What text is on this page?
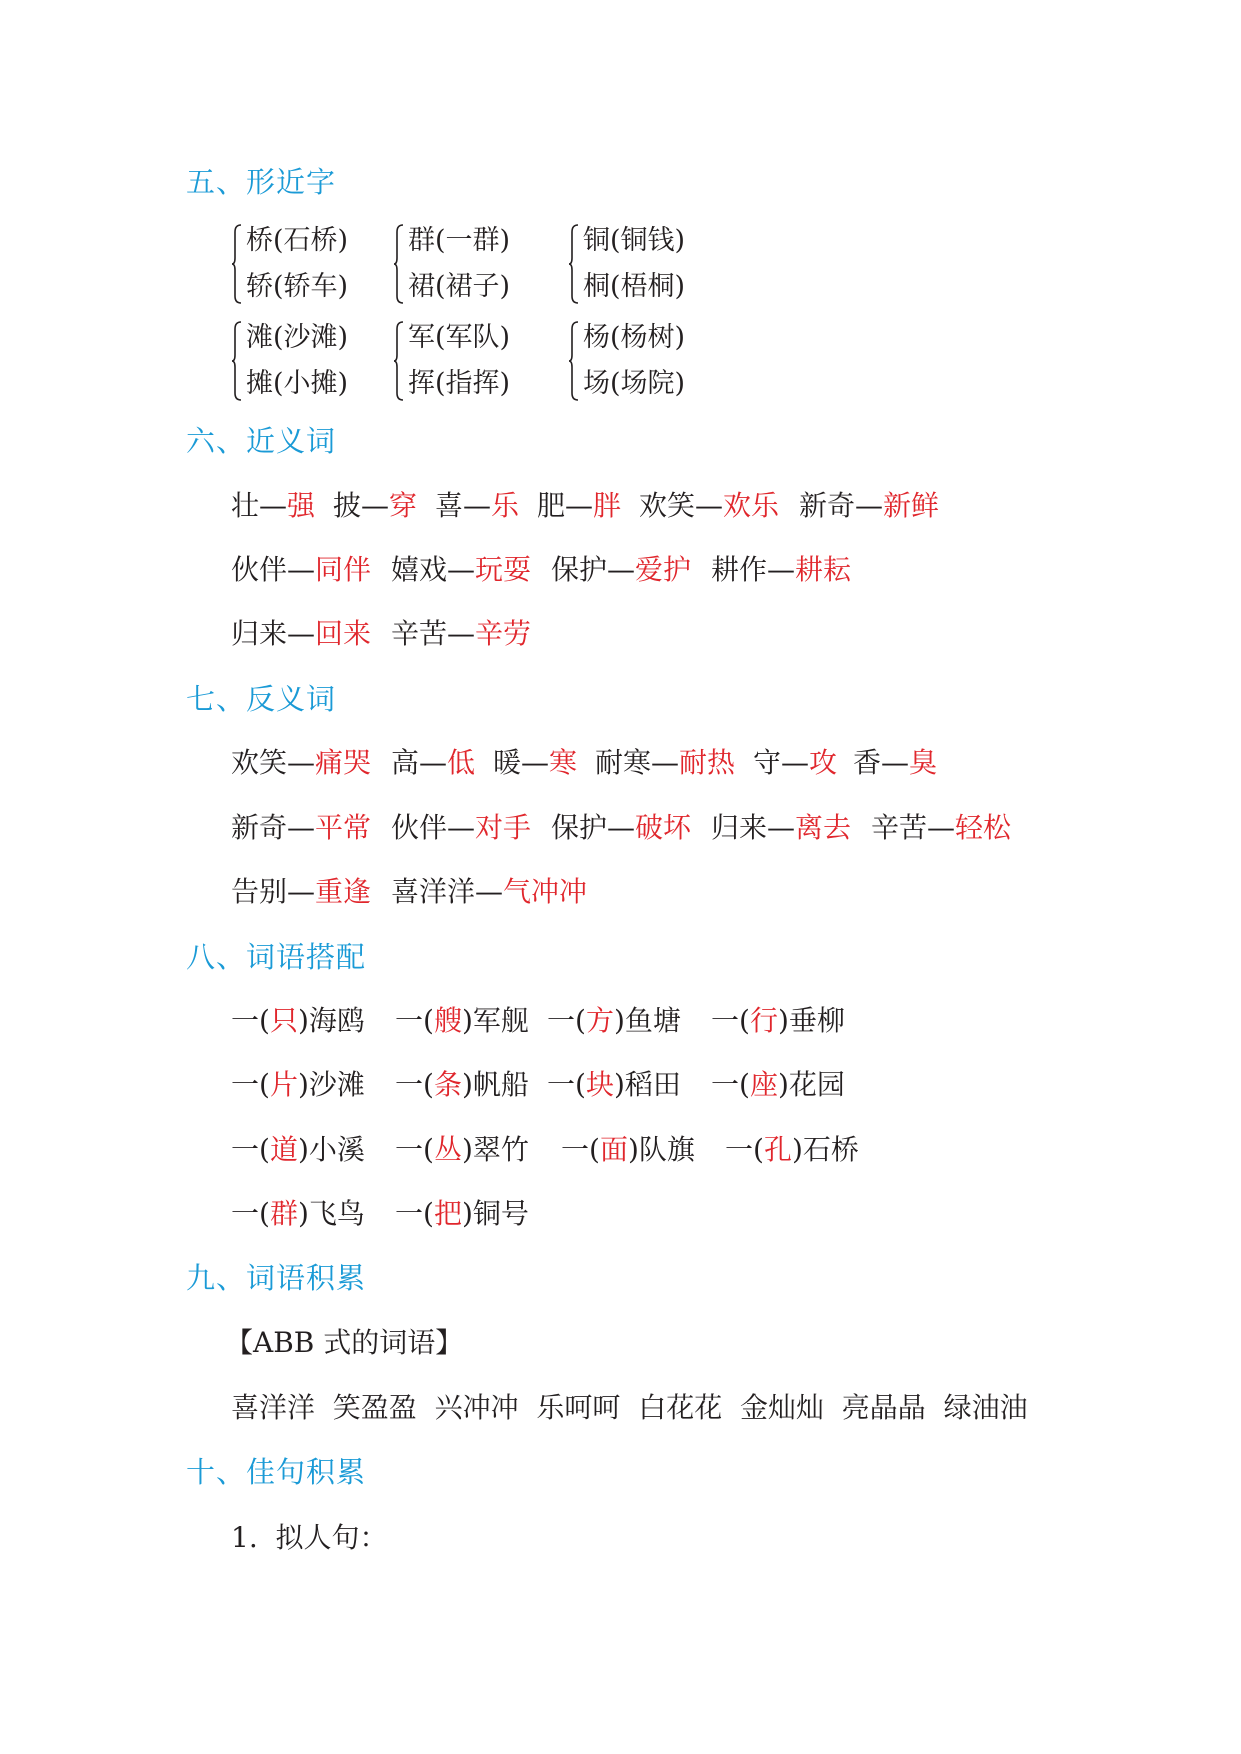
五、形近字
桥(石桥)
轿(轿车)
群(一群)
裙(裙子)
铜(铜钱)
桐(梧桐)
滩(沙滩)
摊(小摊)
军(军队)
挥(指挥)
杨(杨树)
场(场院)
六、近义词
壮—强 披—穿 喜—乐 肥—胖 欢笑—欢乐 新奇—新鲜
伙伴—同伴 嬉戏—玩耍 保护—爱护 耕作—耕耘
归来—回来 辛苦—辛劳
七、反义词
欢笑—痛哭 高—低 暖—寒 耐寒—耐热 守—攻 香—臭
新奇—平常 伙伴—对手 保护—破坏 归来—离去 辛苦—轻松
告别—重逢 喜洋洋—气冲冲
八、词语搭配
一(只)海鸥 一(艘)军舰 一(方)鱼塘 一(行)垂柳
一(片)沙滩 一(条)帆船 一(块)稻田 一(座)花园
一(道)小溪 一(丛)翠竹 一(面)队旗 一(孔)石桥
一(群)飞鸟 一(把)铜号
九、词语积累
【ABB 式的词语】
喜洋洋  笑盈盈  兴冲冲  乐呵呵  白花花  金灿灿  亮晶晶  绿油油
十、佳句积累
1.  拟人句：
